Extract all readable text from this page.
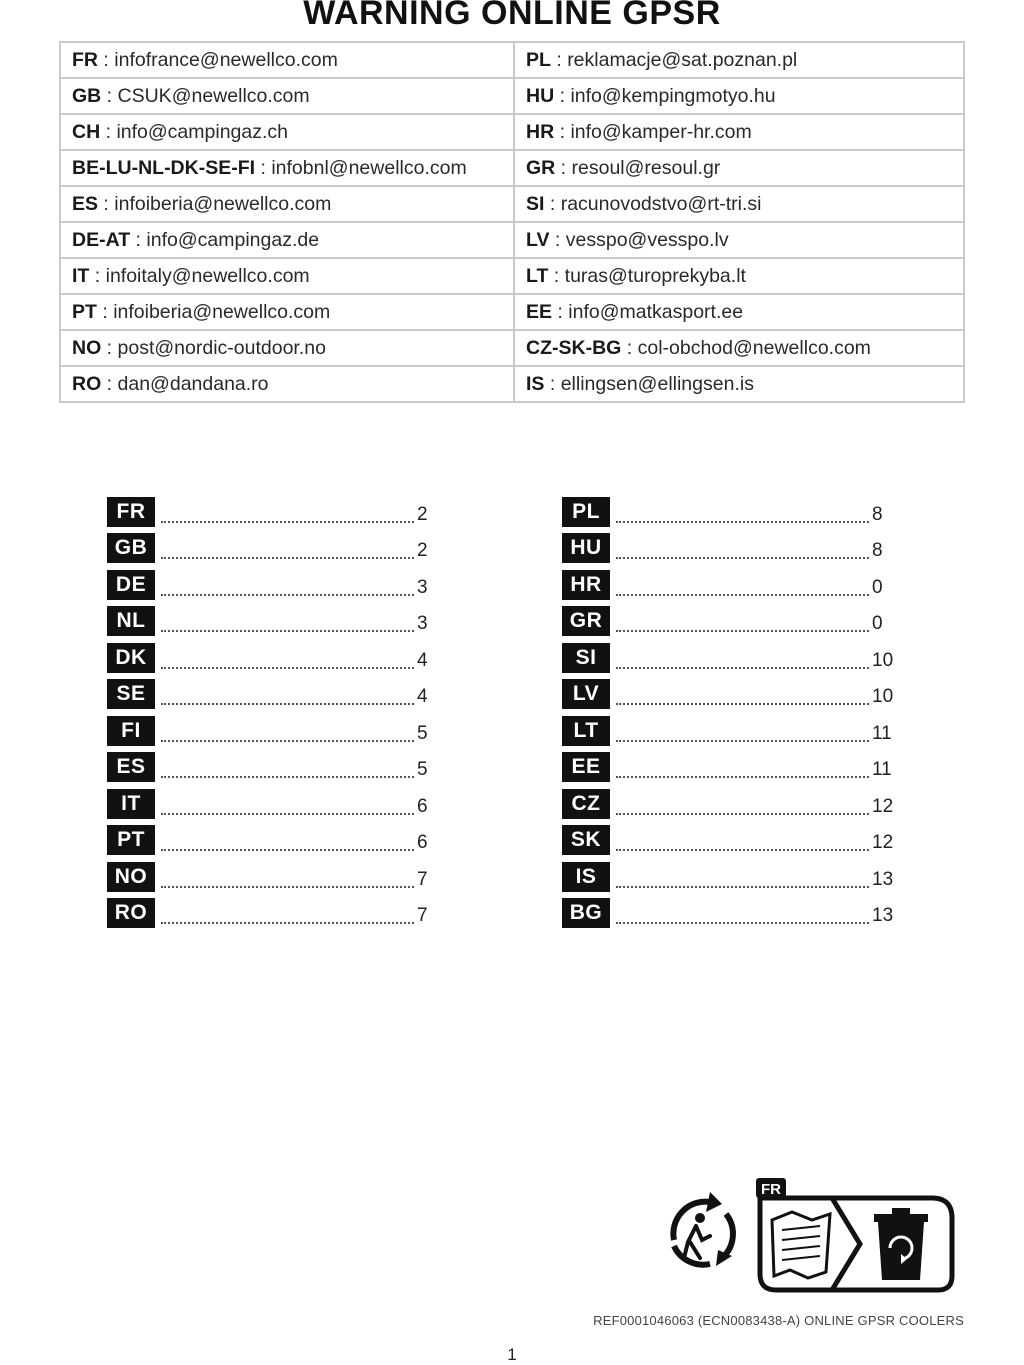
WARNING ONLINE GPSR
FR : infofrance@newellco.com	PL : reklamacje@sat.poznan.pl
GB : CSUK@newellco.com	HU : info@kempingmotyo.hu
CH : info@campingaz.ch	HR : info@kamper-hr.com
BE-LU-NL-DK-SE-FI : infobnl@newellco.com	GR : resoul@resoul.gr
ES : infoiberia@newellco.com	SI : racunovodstvo@rt-tri.si
DE-AT : info@campingaz.de	LV : vesspo@vesspo.lv
IT : infoitaly@newellco.com	LT : turas@turoprekyba.lt
PT : infoiberia@newellco.com	EE : info@matkasport.ee
NO : post@nordic-outdoor.no	CZ-SK-BG : col-obchod@newellco.com
RO : dan@dandana.ro	IS : ellingsen@ellingsen.is
FR	2
GB	2
DE	3
NL	3
DK	4
SE	4
FI	5
ES	5
IT	6
PT	6
NO	7
RO	7
PL	8
HU	8
HR	0
GR	0
SI	10
LV	10
LT	11
EE	11
CZ	12
SK	12
IS	13
BG	13
FR
REF0001046063 (ECN0083438-A) ONLINE GPSR COOLERS
1
